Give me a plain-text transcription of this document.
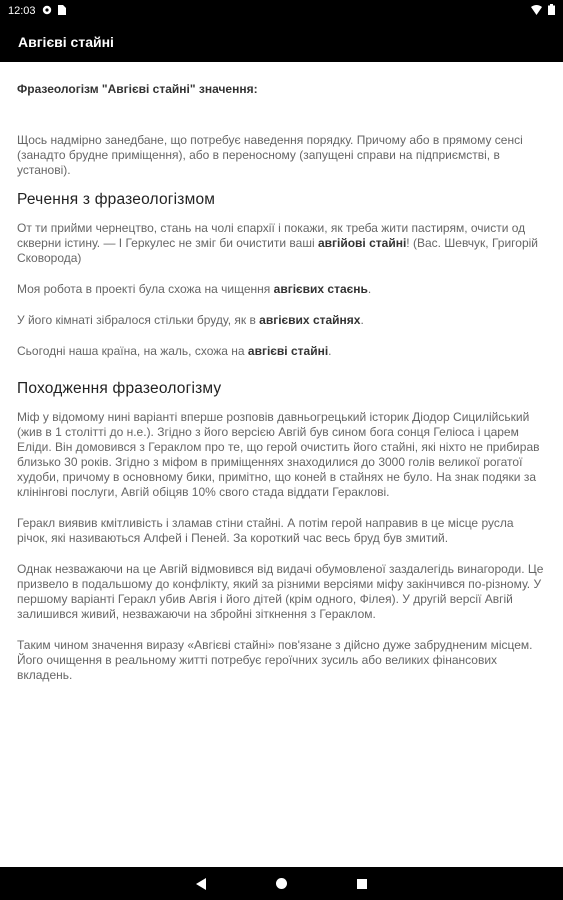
12:03
Авгієві стайні
Фразеологізм "Авгієві стайні" значення:
Щось надмірно занедбане, що потребує наведення порядку. Причому або в прямому сенсі (занадто брудне приміщення), або в переносному (запущені справи на підприємстві, в установі).
Речення з фразеологізмом

От ти прийми чернецтво, стань на чолі єпархії і покажи, як треба жити пастирям, очисти од скверни істину. — І Геркулес не зміг би очистити ваші авгійові стайні! (Вас. Шевчук, Григорій Сковорода)

Моя робота в проекті була схожа на чищення авгієвих стаєнь.

У його кімнаті зібралося стільки бруду, як в авгієвих стайнях.

Сьогодні наша країна, на жаль, схожа на авгієві стайні.

Походження фразеологізму

Міф у відомому нині варіанті вперше розповів давньогрецький історик Діодор Сицилійський (жив в 1 столітті до н.е.). Згідно з його версією Авгій був сином бога сонця Геліоса і царем Еліди. Він домовився з Гераклом про те, що герой очистить його стайні, які ніхто не прибирав близько 30 років. Згідно з міфом в приміщеннях знаходилися до 3000 голів великої рогатої худоби, причому в основному бики, примітно, що коней в стайнях не було. На знак подяки за клінінгові послуги, Авгій обіцяв 10% свого стада віддати Гераклові.

Геракл виявив кмітливість і зламав стіни стайні. А потім герой направив в це місце русла річок, які називаються Алфей і Пеней. За короткий час весь бруд був змитий.

Однак незважаючи на це Авгій відмовився від видачі обумовленої заздалегідь винагороди. Це призвело в подальшому до конфлікту, який за різними версіями міфу закінчився по-різному. У першому варіанті Геракл убив Авгія і його дітей (крім одного, Філея). У другій версії Авгій залишився живий, незважаючи на збройні зіткнення з Гераклом.

Таким чином значення виразу «Авгієві стайні» пов'язане з дійсно дуже забрудненим місцем. Його очищення в реальному житті потребує героїчних зусиль або великих фінансових вкладень.
